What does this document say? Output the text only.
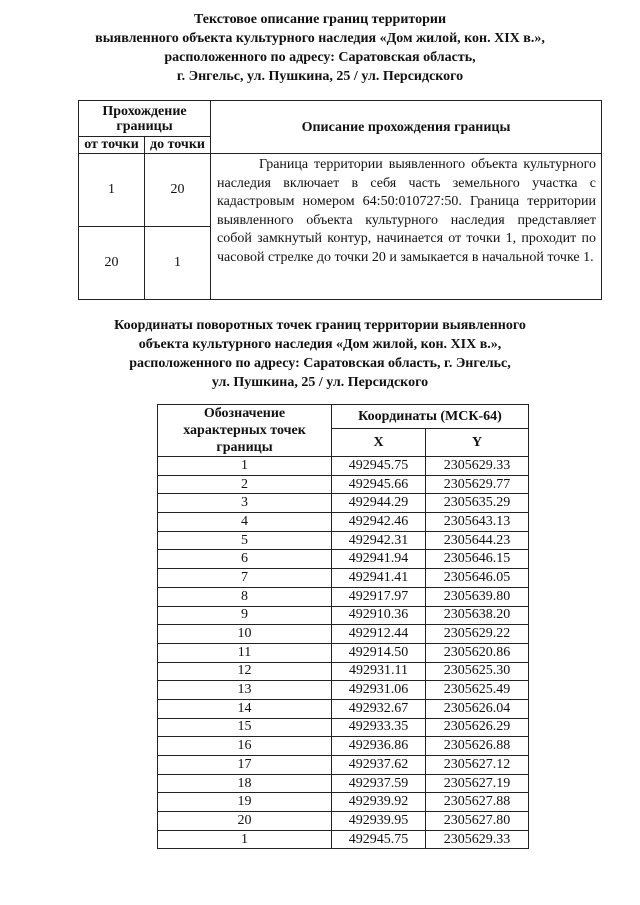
Текстовое описание границ территории
выявленного объекта культурного наследия «Дом жилой, кон. XIX в.»,
расположенного по адресу: Саратовская область,
г. Энгельс, ул. Пушкина, 25 / ул. Персидского
Прохождение границы		Описание прохождения границы
от точки	до точки	
1	20	Граница территории выявленного объекта культурного наследия включает в себя часть земельного участка с кадастровым номером 64:50:010727:50. Граница территории выявленного объекта культурного наследия представляет собой замкнутый контур, начинается от точки 1, проходит по часовой стрелке до точки 20 и замыкается в начальной точке 1.
20	1	
Координаты поворотных точек границ территории выявленного
объекта культурного наследия «Дом жилой, кон. XIX в.»,
расположенного по адресу: Саратовская область, г. Энгельс,
ул. Пушкина, 25 / ул. Персидского
Обозначение характерных точек границы	Координаты (МСК-64)	
	X	Y
1	492945.75	2305629.33
2	492945.66	2305629.77
3	492944.29	2305635.29
4	492942.46	2305643.13
5	492942.31	2305644.23
6	492941.94	2305646.15
7	492941.41	2305646.05
8	492917.97	2305639.80
9	492910.36	2305638.20
10	492912.44	2305629.22
11	492914.50	2305620.86
12	492931.11	2305625.30
13	492931.06	2305625.49
14	492932.67	2305626.04
15	492933.35	2305626.29
16	492936.86	2305626.88
17	492937.62	2305627.12
18	492937.59	2305627.19
19	492939.92	2305627.88
20	492939.95	2305627.80
1	492945.75	2305629.33
